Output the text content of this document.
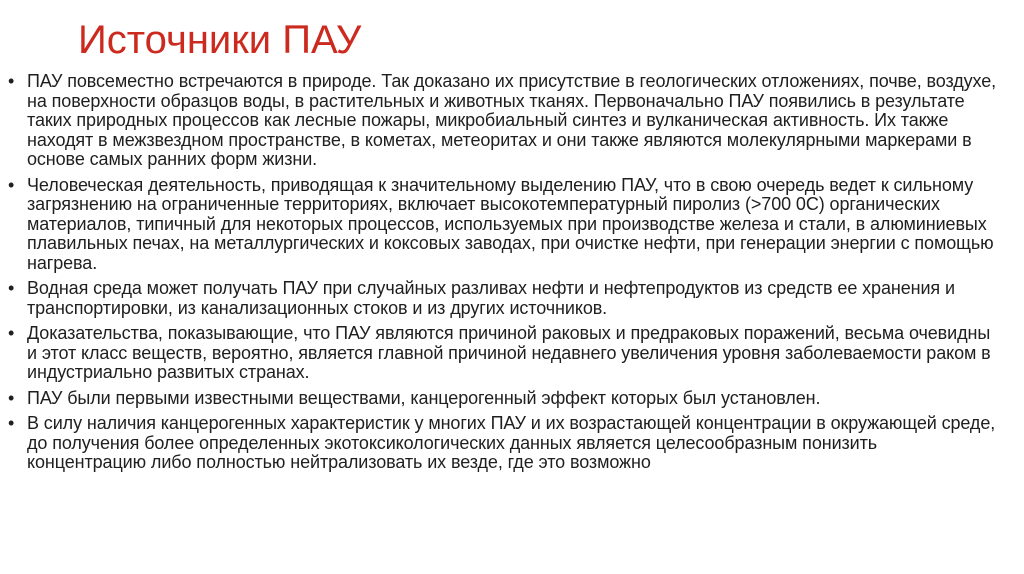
Источники ПАУ
• ПАУ повсеместно встречаются в природе. Так доказано их присутствие в геологических отложениях, почве, воздухе, на поверхности образцов воды, в растительных и животных тканях. Первоначально ПАУ появились в результате таких природных процессов как лесные пожары, микробиальный синтез и вулканическая активность. Их также находят в межзвездном пространстве, в кометах, метеоритах и они также являются молекулярными маркерами в основе самых ранних форм жизни.
• Человеческая деятельность, приводящая к значительному выделению ПАУ, что в свою очередь ведет к сильному загрязнению на ограниченные территориях, включает высокотемпературный пиролиз (>700 0С) органических материалов, типичный для некоторых процессов, используемых при производстве железа и стали, в алюминиевых плавильных печах, на металлургических и коксовых заводах, при очистке нефти, при генерации энергии с помощью нагрева.
• Водная среда может получать ПАУ при случайных разливах нефти и нефтепродуктов из средств ее хранения и транспортировки, из канализационных стоков и из других источников.
• Доказательства, показывающие, что ПАУ являются причиной раковых и предраковых поражений, весьма очевидны и этот класс веществ, вероятно, является главной причиной недавнего увеличения уровня заболеваемости раком в индустриально развитых странах.
• ПАУ были первыми известными веществами, канцерогенный эффект которых был установлен.
• В силу наличия канцерогенных характеристик у многих ПАУ и их возрастающей концентрации в окружающей среде, до получения более определенных экотоксикологических данных является целесообразным понизить концентрацию либо полностью нейтрализовать их везде, где это возможно
